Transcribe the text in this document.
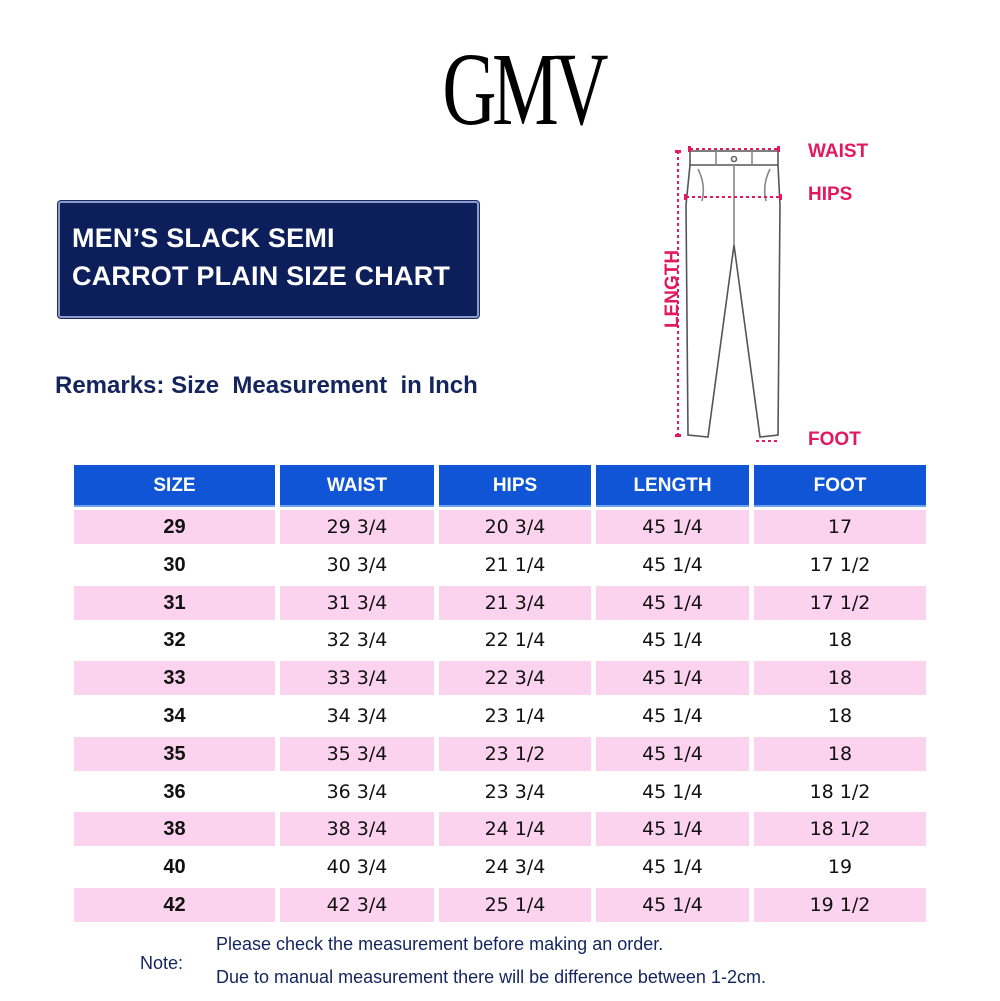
GMV
MEN’S SLACK SEMI
CARROT PLAIN SIZE CHART
Remarks: Size  Measurement  in Inch
WAIST
HIPS
LENGTH
FOOT
SIZE	WAIST	HIPS	LENGTH	FOOT
29	29 3/4	20 3/4	45 1/4	17
30	30 3/4	21 1/4	45 1/4	17 1/2
31	31 3/4	21 3/4	45 1/4	17 1/2
32	32 3/4	22 1/4	45 1/4	18
33	33 3/4	22 3/4	45 1/4	18
34	34 3/4	23 1/4	45 1/4	18
35	35 3/4	23 1/2	45 1/4	18
36	36 3/4	23 3/4	45 1/4	18 1/2
38	38 3/4	24 1/4	45 1/4	18 1/2
40	40 3/4	24 3/4	45 1/4	19
42	42 3/4	25 1/4	45 1/4	19 1/2
Note:
Please check the measurement before making an order.
Due to manual measurement there will be difference between 1-2cm.
